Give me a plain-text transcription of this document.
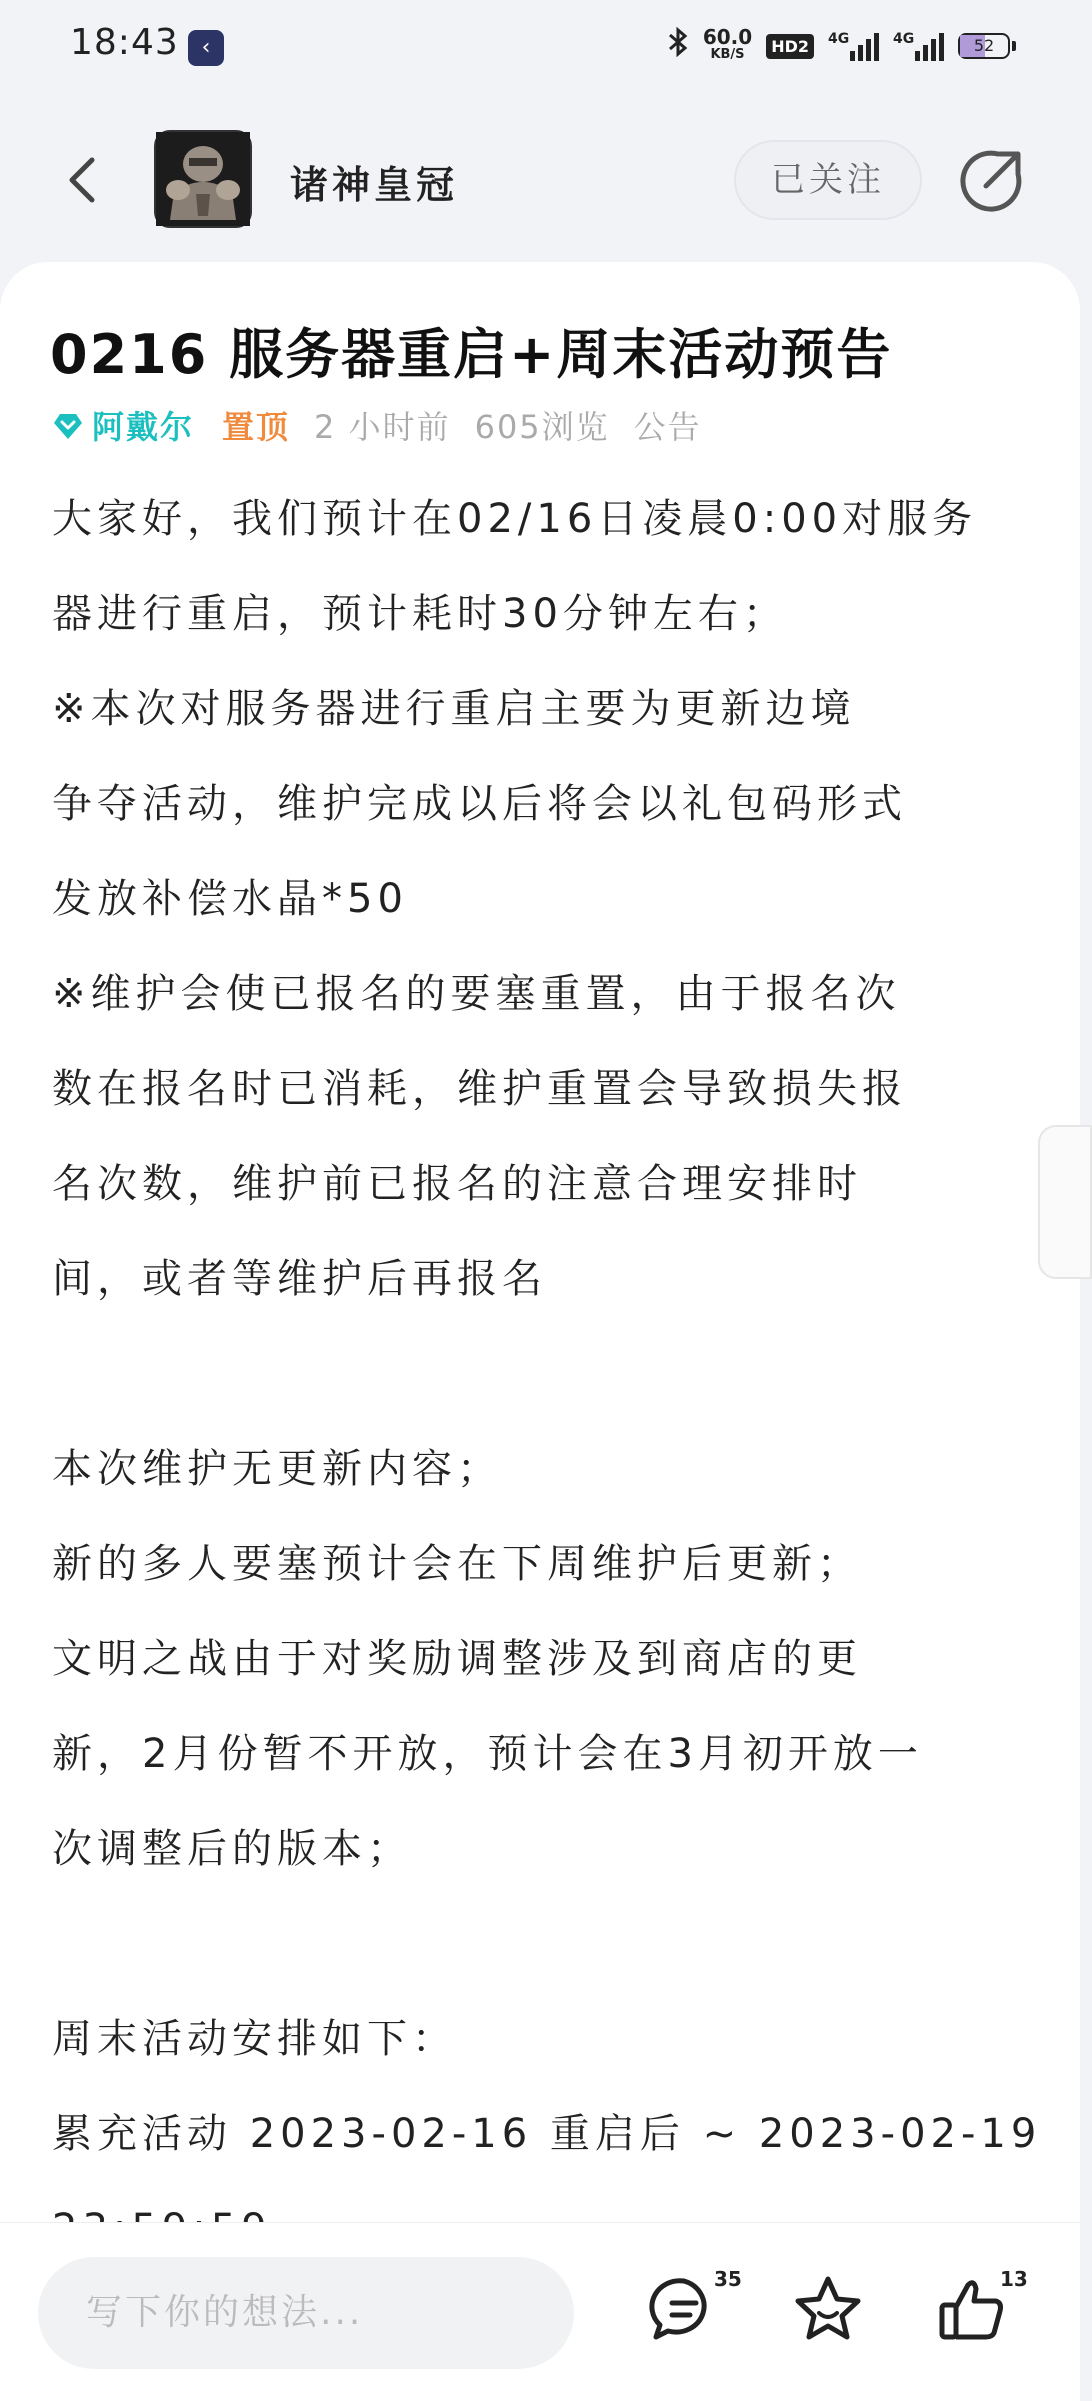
18:43	‹	60.0
KB/S	HD2	4G	4G	52
诸神皇冠	已关注
0216 服务器重启+周末活动预告
阿戴尔 置顶 2 小时前 605浏览 公告

大家好，我们预计在02/16日凌晨0:00对服务

器进行重启，预计耗时30分钟左右；

※本次对服务器进行重启主要为更新边境

争夺活动，维护完成以后将会以礼包码形式

发放补偿水晶*50

※维护会使已报名的要塞重置，由于报名次

数在报名时已消耗，维护重置会导致损失报

名次数，维护前已报名的注意合理安排时

间，或者等维护后再报名

本次维护无更新内容；

新的多人要塞预计会在下周维护后更新；

文明之战由于对奖励调整涉及到商店的更

新，2月份暂不开放，预计会在3月初开放一

次调整后的版本；

周末活动安排如下：

累充活动 2023-02-16 重启后 ~ 2023-02-19

写下你的想法...
35	13
